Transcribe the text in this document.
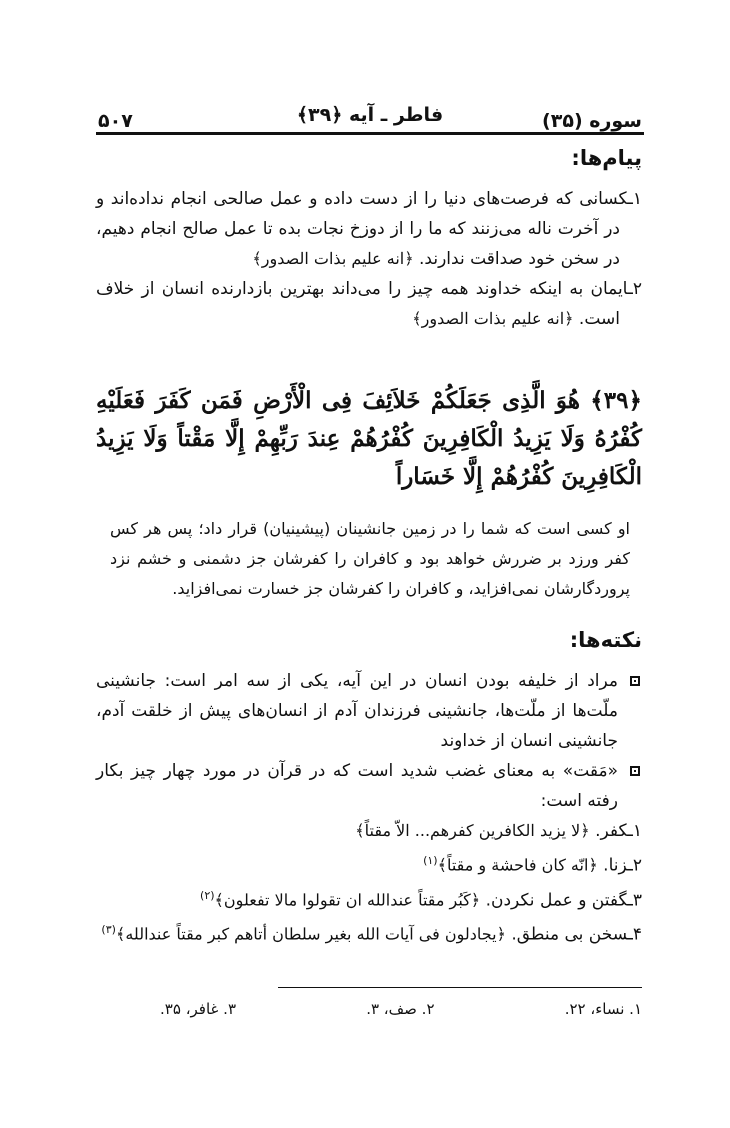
سوره (۳۵)
فاطر ـ آیه ﴿۳۹﴾
۵۰۷
پیام‌ها:

۱ـکسانی که فرصت‌های دنیا را از دست داده و عمل صالحی انجام نداده‌اند و در آخرت ناله می‌زنند که ما را از دوزخ نجات بده تا عمل صالح انجام دهیم، در سخن خود صداقت ندارند. ﴿انه علیم بذات الصدور﴾

۲ـایمان به اینکه خداوند همه چیز را می‌داند بهترین بازدارنده انسان از خلاف است. ﴿انه علیم بذات الصدور﴾

﴿۳۹﴾ هُوَ الَّذِی جَعَلَکُمْ خَلاَئِفَ فِی الْأَرْضِ فَمَن کَفَرَ فَعَلَیْهِ کُفْرُهُ وَلَا یَزِیدُ الْکَافِرِینَ کُفْرُهُمْ عِندَ رَبِّهِمْ إِلَّا مَقْتاً وَلَا یَزِیدُ الْکَافِرِینَ کُفْرُهُمْ إِلَّا خَسَاراً
او کسی است که شما را در زمین جانشینان (پیشینیان) قرار داد؛ پس هر کس کفر ورزد بر ضررش خواهد بود و کافران را کفرشان جز دشمنی و خشم نزد پروردگارشان نمی‌افزاید، و کافران را کفرشان جز خسارت نمی‌افزاید.
نکته‌ها:

مراد از خلیفه بودن انسان در این آیه، یکی از سه امر است: جانشینی ملّت‌ها از ملّت‌ها، جانشینی فرزندان آدم از انسان‌های پیش از خلقت آدم، جانشینی انسان از خداوند

«مَقت» به معنای غضب شدید است که در قرآن در مورد چهار چیز بکار رفته است:

۱ـکفر. ﴿لا یزید الکافرین کفرهم... الاّ مقتاً﴾

۲ـزنا. ﴿انّه کان فاحشة و مقتاً﴾$^{(۱)}$

۳ـگفتن و عمل نکردن. ﴿کَبُر مقتاً عندالله ان تقولوا مالا تفعلون﴾$^{(۲)}$

۴ـسخن بی منطق. ﴿یجادلون فی آیات الله بغیر سلطان أتاهم کبر مقتاً عندالله﴾$^{(۳)}$

۱. نساء، ۲۲.
۲. صف، ۳.
۳. غافر، ۳۵.
